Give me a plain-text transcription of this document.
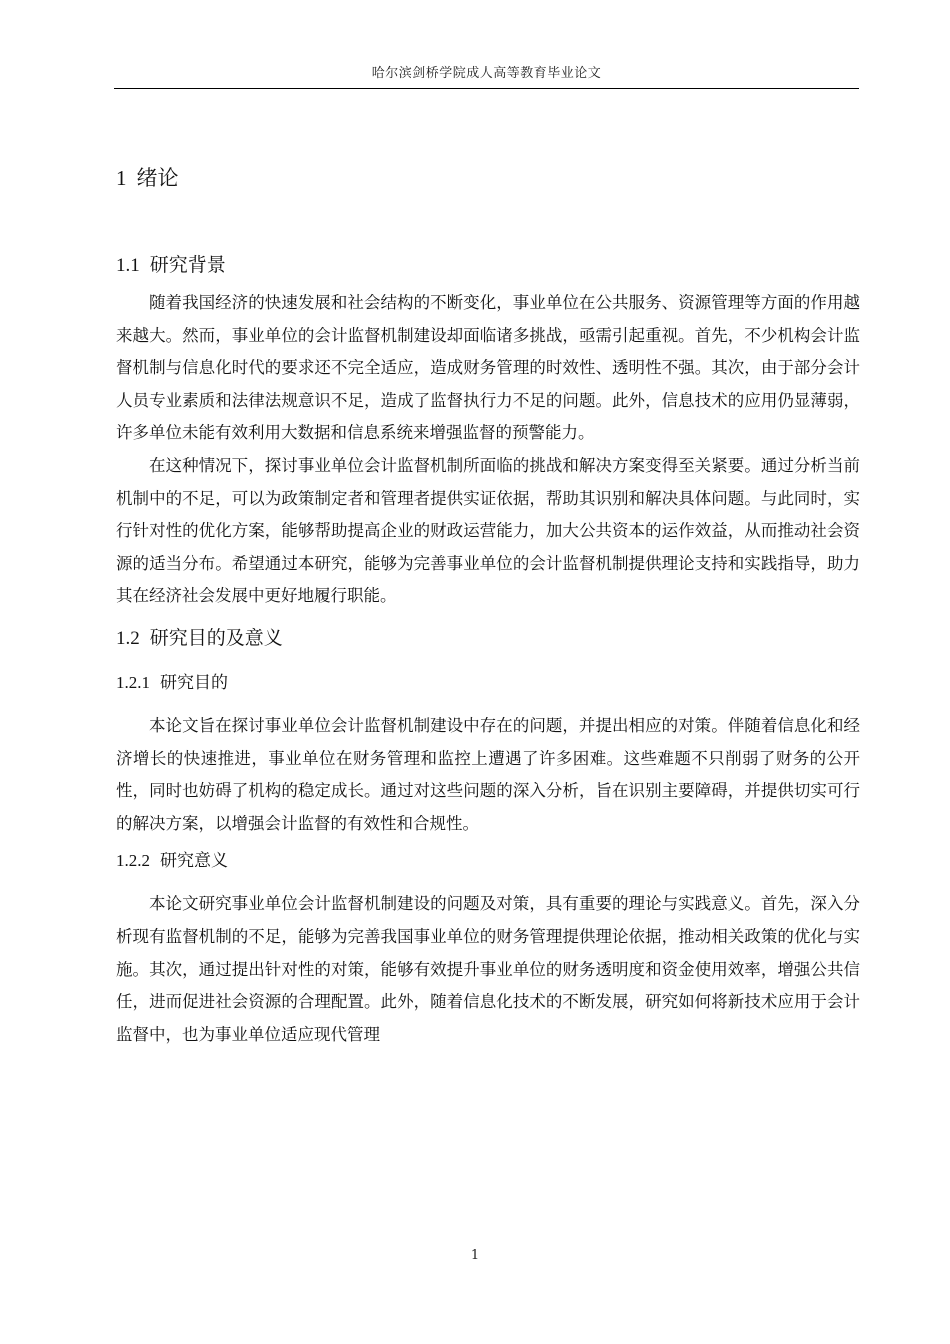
哈尔滨剑桥学院成人高等教育毕业论文
1 绪论
1.1 研究背景

随着我国经济的快速发展和社会结构的不断变化，事业单位在公共服务、资源管理等方面的作用越来越大。然而，事业单位的会计监督机制建设却面临诸多挑战，亟需引起重视。首先，不少机构会计监督机制与信息化时代的要求还不完全适应，造成财务管理的时效性、透明性不强。其次，由于部分会计人员专业素质和法律法规意识不足，造成了监督执行力不足的问题。此外，信息技术的应用仍显薄弱，许多单位未能有效利用大数据和信息系统来增强监督的预警能力。

在这种情况下，探讨事业单位会计监督机制所面临的挑战和解决方案变得至关紧要。通过分析当前机制中的不足，可以为政策制定者和管理者提供实证依据，帮助其识别和解决具体问题。与此同时，实行针对性的优化方案，能够帮助提高企业的财政运营能力，加大公共资本的运作效益，从而推动社会资源的适当分布。希望通过本研究，能够为完善事业单位的会计监督机制提供理论支持和实践指导，助力其在经济社会发展中更好地履行职能。

1.2 研究目的及意义
1.2.1 研究目的

本论文旨在探讨事业单位会计监督机制建设中存在的问题，并提出相应的对策。伴随着信息化和经济增长的快速推进，事业单位在财务管理和监控上遭遇了许多困难。这些难题不只削弱了财务的公开性，同时也妨碍了机构的稳定成长。通过对这些问题的深入分析，旨在识别主要障碍，并提供切实可行的解决方案，以增强会计监督的有效性和合规性。

1.2.2 研究意义

本论文研究事业单位会计监督机制建设的问题及对策，具有重要的理论与实践意义。首先，深入分析现有监督机制的不足，能够为完善我国事业单位的财务管理提供理论依据，推动相关政策的优化与实施。其次，通过提出针对性的对策，能够有效提升事业单位的财务透明度和资金使用效率，增强公共信任，进而促进社会资源的合理配置。此外，随着信息化技术的不断发展，研究如何将新技术应用于会计监督中，也为事业单位适应现代管理

1
